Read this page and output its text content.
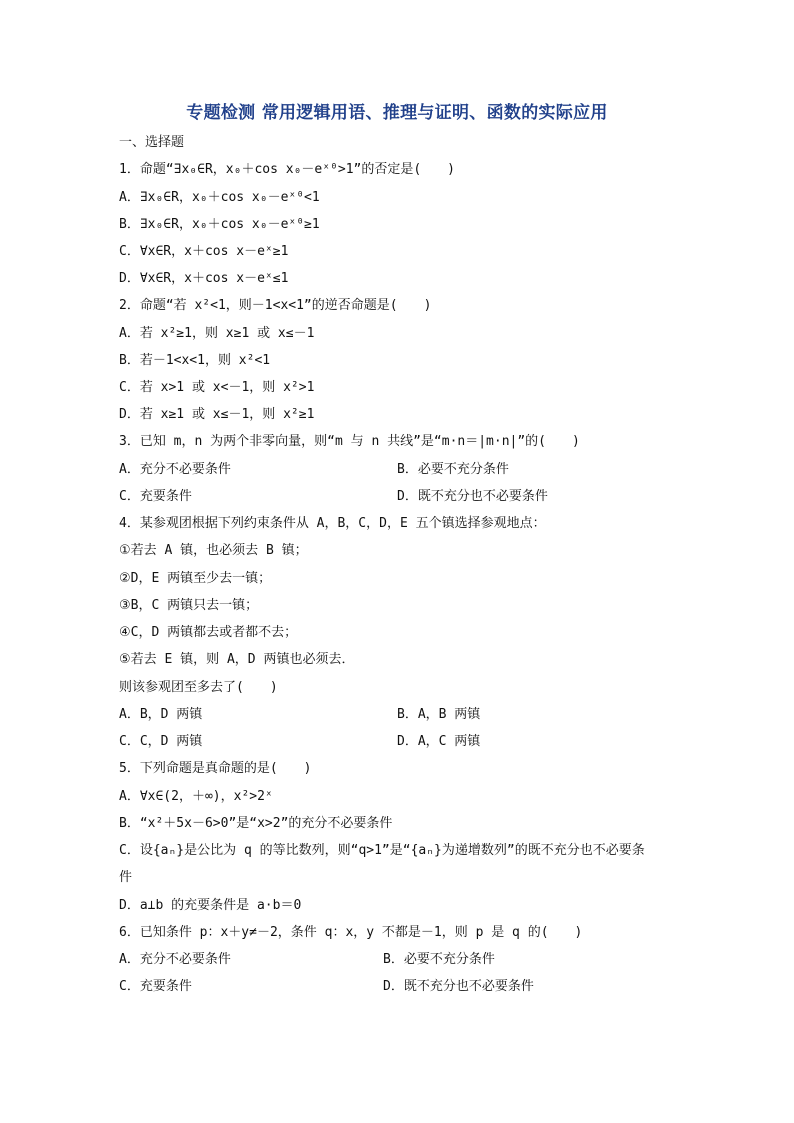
专题检测 常用逻辑用语、推理与证明、函数的实际应用
一、选择题
1．命题“∃x₀∈R，x₀＋cos x₀－eˣ⁰>1”的否定是(　　)
A．∃x₀∈R，x₀＋cos x₀－eˣ⁰<1
B．∃x₀∈R，x₀＋cos x₀－eˣ⁰≥1
C．∀x∈R，x＋cos x－eˣ≥1
D．∀x∈R，x＋cos x－eˣ≤1
2．命题“若 x²<1，则－1<x<1”的逆否命题是(　　)
A．若 x²≥1，则 x≥1 或 x≤－1
B．若－1<x<1，则 x²<1
C．若 x>1 或 x<－1，则 x²>1
D．若 x≥1 或 x≤－1，则 x²≥1
3．已知 m，n 为两个非零向量，则“m 与 n 共线”是“m·n＝|m·n|”的(　　)
A．充分不必要条件	B．必要不充分条件
C．充要条件	D．既不充分也不必要条件
4．某参观团根据下列约束条件从 A，B，C，D，E 五个镇选择参观地点：
①若去 A 镇，也必须去 B 镇；
②D，E 两镇至少去一镇；
③B，C 两镇只去一镇；
④C，D 两镇都去或者都不去；
⑤若去 E 镇，则 A，D 两镇也必须去．
则该参观团至多去了(　　)
A．B，D 两镇	B．A，B 两镇
C．C，D 两镇	D．A，C 两镇
5．下列命题是真命题的是(　　)
A．∀x∈(2，＋∞)，x²>2ˣ
B．“x²＋5x－6>0”是“x>2”的充分不必要条件
C．设{aₙ}是公比为 q 的等比数列，则“q>1”是“{aₙ}为递增数列”的既不充分也不必要条
件
D．a⊥b 的充要条件是 a·b＝0
6．已知条件 p：x＋y≠－2，条件 q：x，y 不都是－1，则 p 是 q 的(　　)
A．充分不必要条件	B．必要不充分条件
C．充要条件	D．既不充分也不必要条件
